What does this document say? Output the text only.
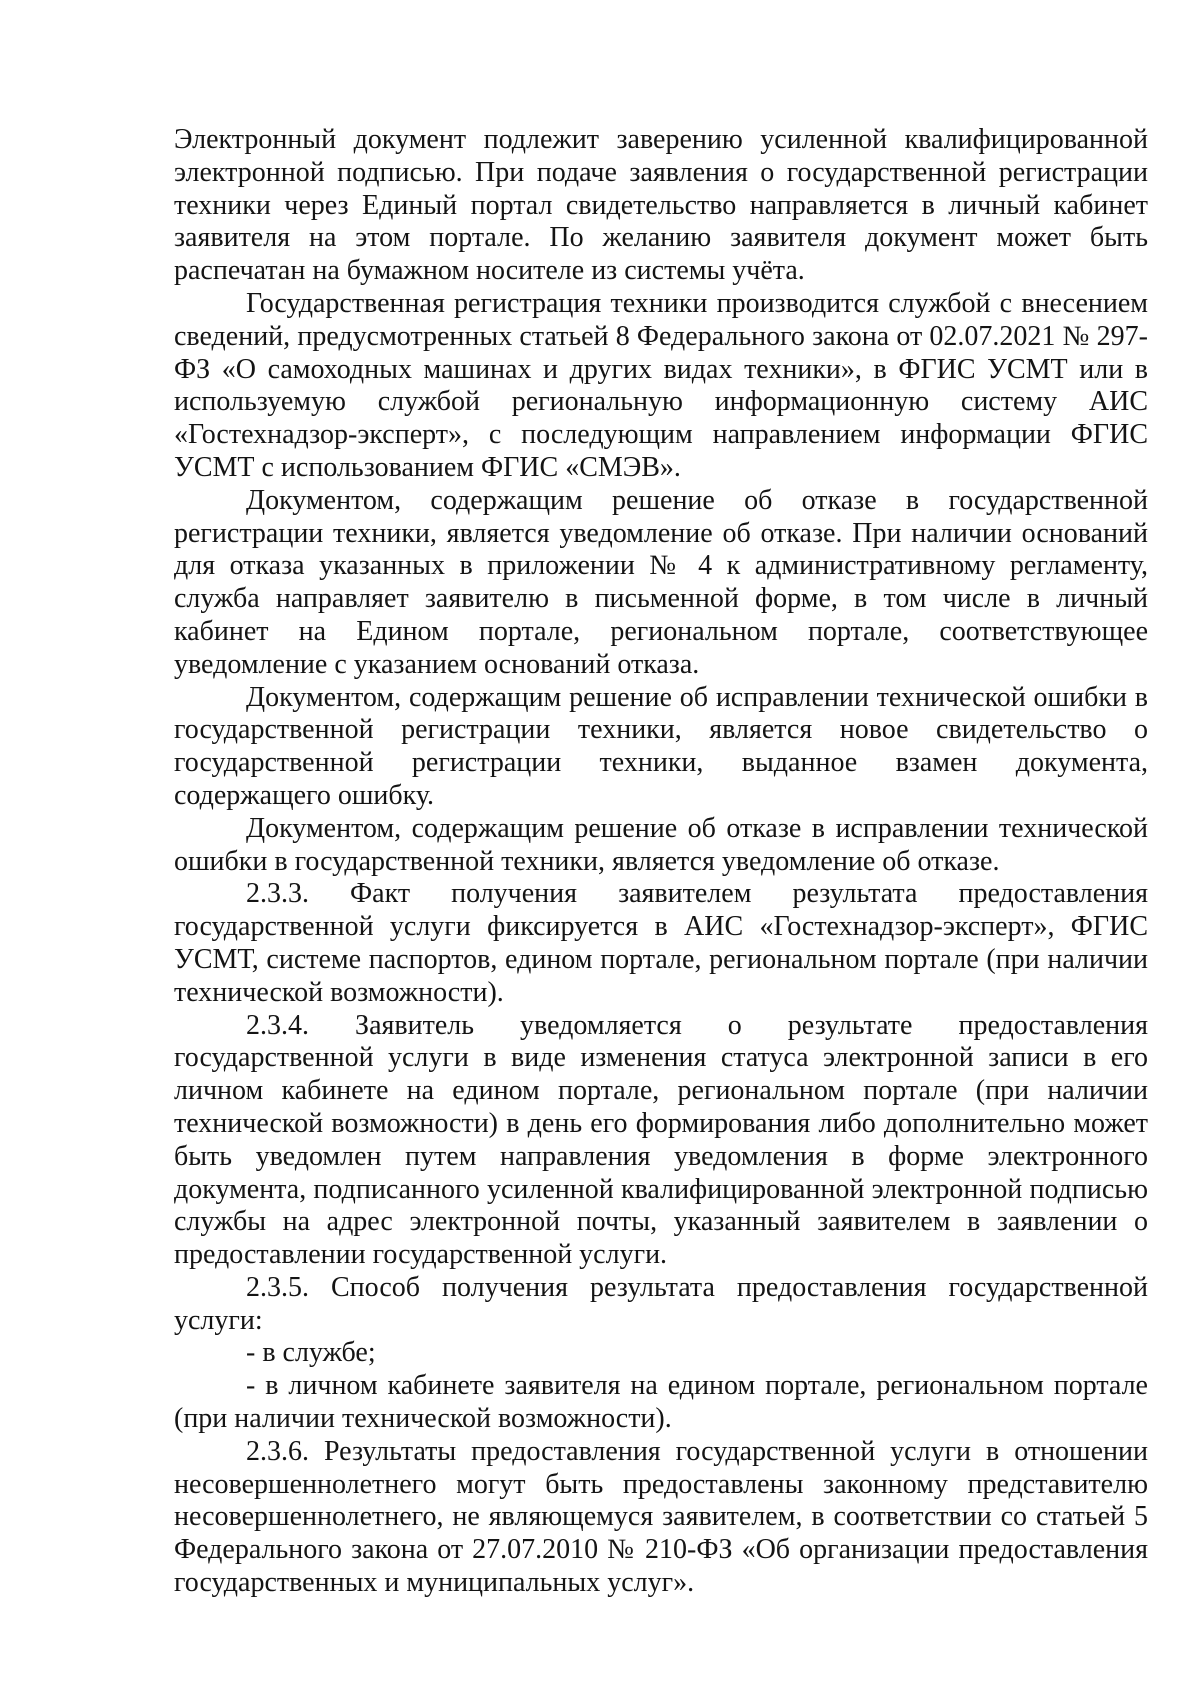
Электронный документ подлежит заверению усиленной квалифицированной электронной подписью. При подаче заявления о государственной регистрации техники через Единый портал свидетельство направляется в личный кабинет заявителя на этом портале. По желанию заявителя документ может быть распечатан на бумажном носителе из системы учёта.

Государственная регистрация техники производится службой с внесением сведений, предусмотренных статьей 8 Федерального закона от 02.07.2021 № 297-ФЗ «О самоходных машинах и других видах техники», в ФГИС УСМТ или в используемую службой региональную информационную систему АИС «Гостехнадзор-эксперт», с последующим направлением информации ФГИС УСМТ с использованием ФГИС «СМЭВ».

Документом, содержащим решение об отказе в государственной регистрации техники, является уведомление об отказе. При наличии оснований для отказа указанных в приложении № 4 к административному регламенту, служба направляет заявителю в письменной форме, в том числе в личный кабинет на Едином портале, региональном портале, соответствующее уведомление с указанием оснований отказа.

Документом, содержащим решение об исправлении технической ошибки в государственной регистрации техники, является новое свидетельство о государственной регистрации техники, выданное взамен документа, содержащего ошибку.

Документом, содержащим решение об отказе в исправлении технической ошибки в государственной техники, является уведомление об отказе.

2.3.3. Факт получения заявителем результата предоставления государственной услуги фиксируется в АИС «Гостехнадзор-эксперт», ФГИС УСМТ, системе паспортов, едином портале, региональном портале (при наличии технической возможности).

2.3.4. Заявитель уведомляется о результате предоставления государственной услуги в виде изменения статуса электронной записи в его личном кабинете на едином портале, региональном портале (при наличии технической возможности) в день его формирования либо дополнительно может быть уведомлен путем направления уведомления в форме электронного документа, подписанного усиленной квалифицированной электронной подписью службы на адрес электронной почты, указанный заявителем в заявлении о предоставлении государственной услуги.

2.3.5. Способ получения результата предоставления государственной услуги:

- в службе;

- в личном кабинете заявителя на едином портале, региональном портале (при наличии технической возможности).

2.3.6. Результаты предоставления государственной услуги в отношении несовершеннолетнего могут быть предоставлены законному представителю несовершеннолетнего, не являющемуся заявителем, в соответствии со статьей 5 Федерального закона от 27.07.2010 № 210-ФЗ «Об организации предоставления государственных и муниципальных услуг».
